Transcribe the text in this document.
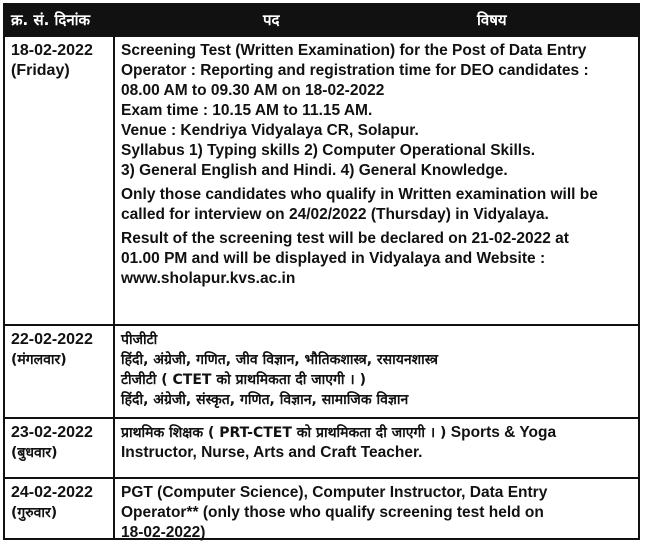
क्र. सं. दिनांक	पद	विषय
18-02-2022
(Friday)
Screening Test (Written Examination) for the Post of Data Entry
Operator : Reporting and registration time for DEO candidates :
08.00 AM to 09.30 AM on 18-02-2022
Exam time : 10.15 AM to 11.15 AM.
Venue : Kendriya Vidyalaya CR, Solapur.
Syllabus 1) Typing skills 2) Computer Operational Skills.
3) General English and Hindi. 4) General Knowledge.
Only those candidates who qualify in Written examination will be
called for interview on 24/02/2022 (Thursday) in Vidyalaya.
Result of the screening test will be declared on 21-02-2022 at
01.00 PM and will be displayed in Vidyalaya and Website :
www.sholapur.kvs.ac.in
22-02-2022
(मंगलवार)
पीजीटी
हिंदी, अंग्रेजी, गणित, जीव विज्ञान, भौतिकशास्त्र, रसायनशास्त्र
टीजीटी ( CTET को प्राथमिकता दी जाएगी । )
हिंदी, अंग्रेजी, संस्कृत, गणित, विज्ञान, सामाजिक विज्ञान
23-02-2022
(बुधवार)
प्राथमिक शिक्षक ( PRT-CTET को प्राथमिकता दी जाएगी । ) Sports & Yoga
Instructor, Nurse, Arts and Craft Teacher.
24-02-2022
(गुरुवार)
PGT (Computer Science), Computer Instructor, Data Entry
Operator** (only those who qualify screening test held on
18-02-2022)
